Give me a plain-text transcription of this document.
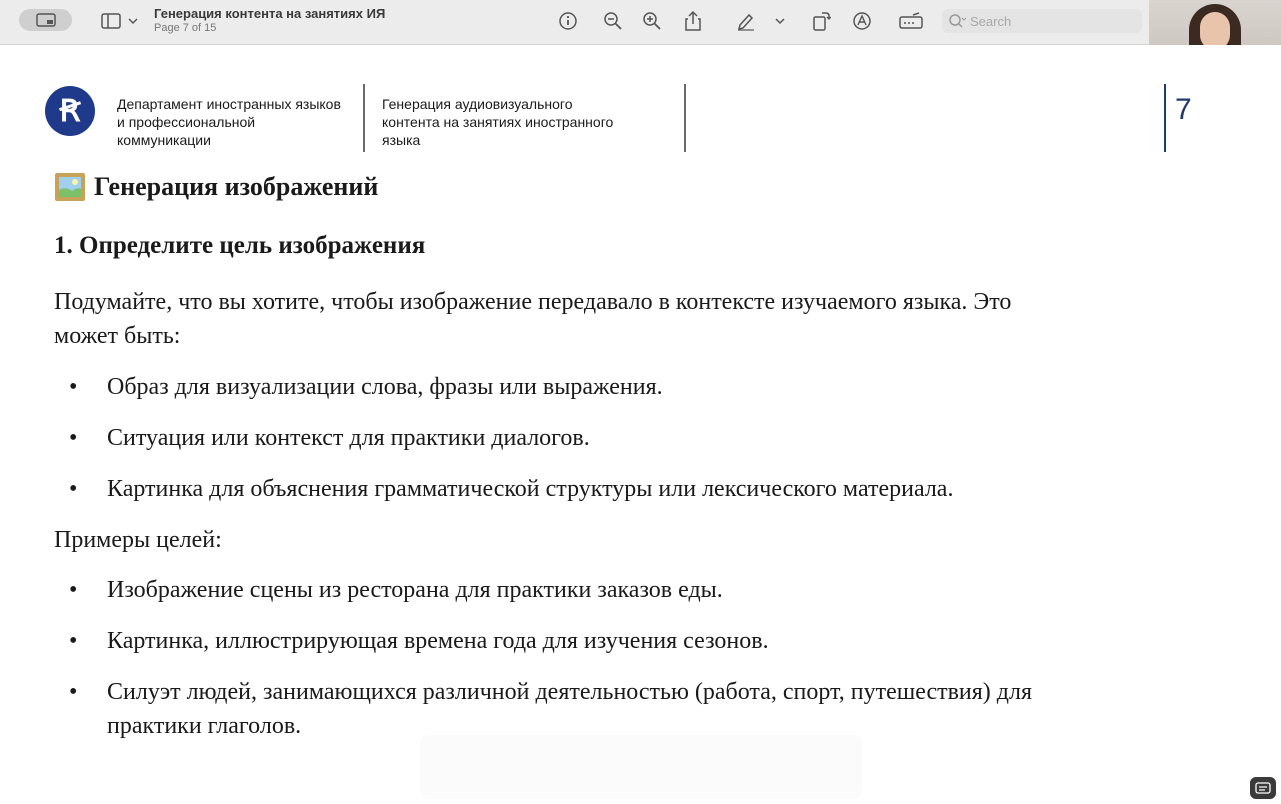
Генерация контента на занятиях ИЯ
Page 7 of 15	Search
Ꞧ	Департамент иностранных языков
и профессиональной
коммуникации
Генерация аудиовизуального
контента на занятиях иностранного
языка
7
Генерация изображений
1. Определите цель изображения
Подумайте, что вы хотите, чтобы изображение передавало в контексте изучаемого языка. Это
может быть:
• Образ для визуализации слова, фразы или выражения.
• Ситуация или контекст для практики диалогов.
• Картинка для объяснения грамматической структуры или лексического материала.
Примеры целей:
• Изображение сцены из ресторана для практики заказов еды.
• Картинка, иллюстрирующая времена года для изучения сезонов.
• Силуэт людей, занимающихся различной деятельностью (работа, спорт, путешествия) для
практики глаголов.
